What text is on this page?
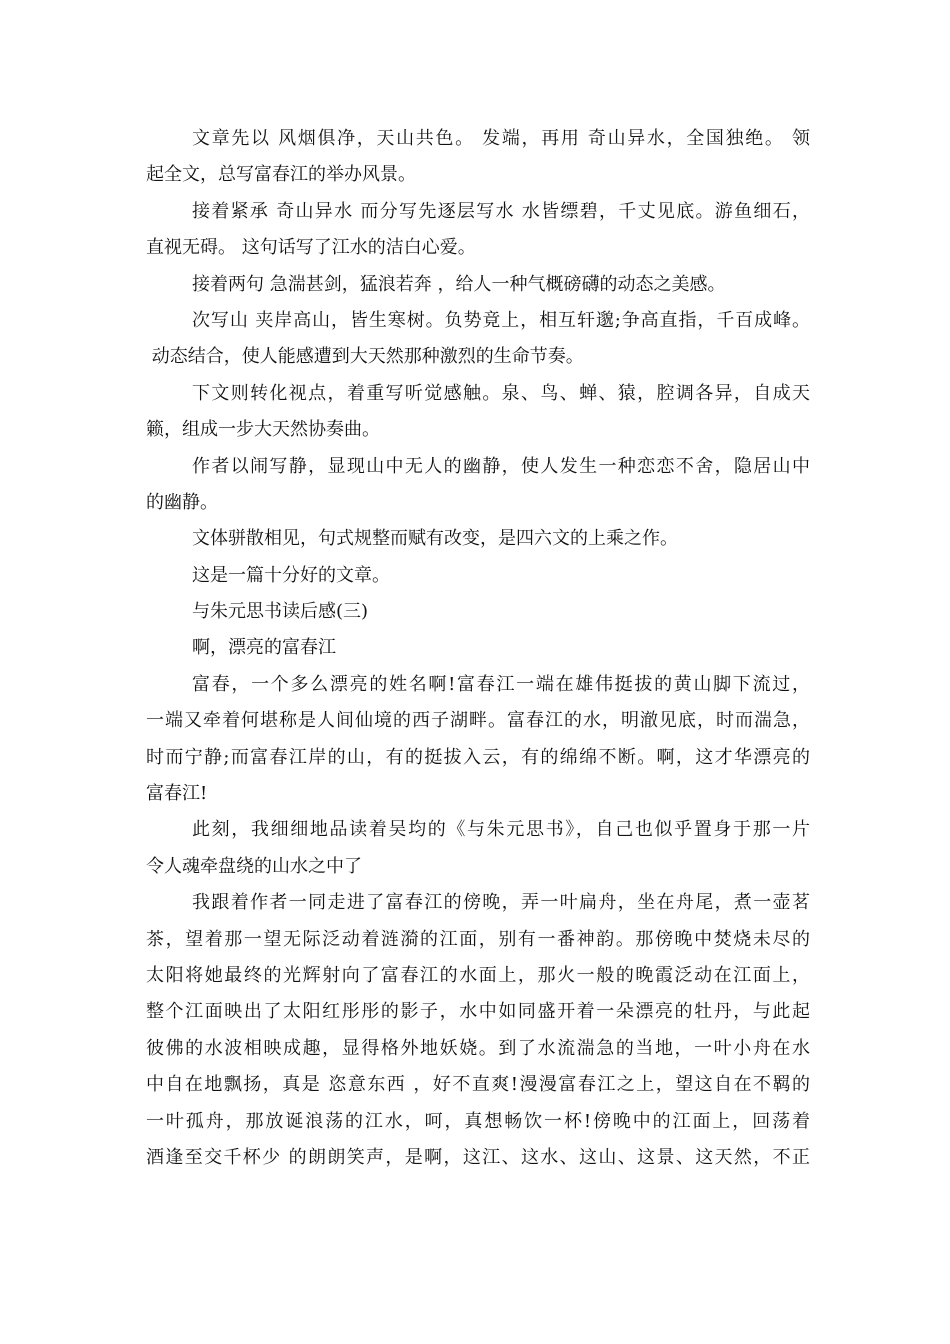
文章先以 风烟俱净，天山共色。 发端，再用 奇山异水，全国独绝。 领
起全文，总写富春江的举办风景。
接着紧承 奇山异水 而分写先逐层写水 水皆缥碧，千丈见底。游鱼细石，
直视无碍。 这句话写了江水的洁白心爱。
接着两句 急湍甚剑，猛浪若奔 ，给人一种气概磅礴的动态之美感。
次写山 夹岸高山，皆生寒树。负势竟上，相互轩邈;争高直指，千百成峰。
动态结合，使人能感遭到大天然那种激烈的生命节奏。
下文则转化视点，着重写听觉感触。泉、鸟、蝉、猿，腔调各异，自成天
籁，组成一步大天然协奏曲。
作者以闹写静，显现山中无人的幽静，使人发生一种恋恋不舍，隐居山中
的幽静。
文体骈散相见，句式规整而赋有改变，是四六文的上乘之作。
这是一篇十分好的文章。
与朱元思书读后感(三)
啊，漂亮的富春江
富春，一个多么漂亮的姓名啊!富春江一端在雄伟挺拔的黄山脚下流过，
一端又牵着何堪称是人间仙境的西子湖畔。富春江的水，明澈见底，时而湍急，
时而宁静;而富春江岸的山，有的挺拔入云，有的绵绵不断。啊，这才华漂亮的
富春江!
此刻，我细细地品读着吴均的《与朱元思书》，自己也似乎置身于那一片
令人魂牵盘绕的山水之中了
我跟着作者一同走进了富春江的傍晚，弄一叶扁舟，坐在舟尾，煮一壶茗
茶，望着那一望无际泛动着涟漪的江面，别有一番神韵。那傍晚中焚烧未尽的
太阳将她最终的光辉射向了富春江的水面上，那火一般的晚霞泛动在江面上，
整个江面映出了太阳红彤彤的影子，水中如同盛开着一朵漂亮的牡丹，与此起
彼佛的水波相映成趣，显得格外地妖娆。到了水流湍急的当地，一叶小舟在水
中自在地飘扬，真是 恣意东西 ，好不直爽!漫漫富春江之上，望这自在不羁的
一叶孤舟，那放诞浪荡的江水，呵，真想畅饮一杯!傍晚中的江面上，回荡着
酒逢至交千杯少 的朗朗笑声，是啊，这江、这水、这山、这景、这天然，不正
